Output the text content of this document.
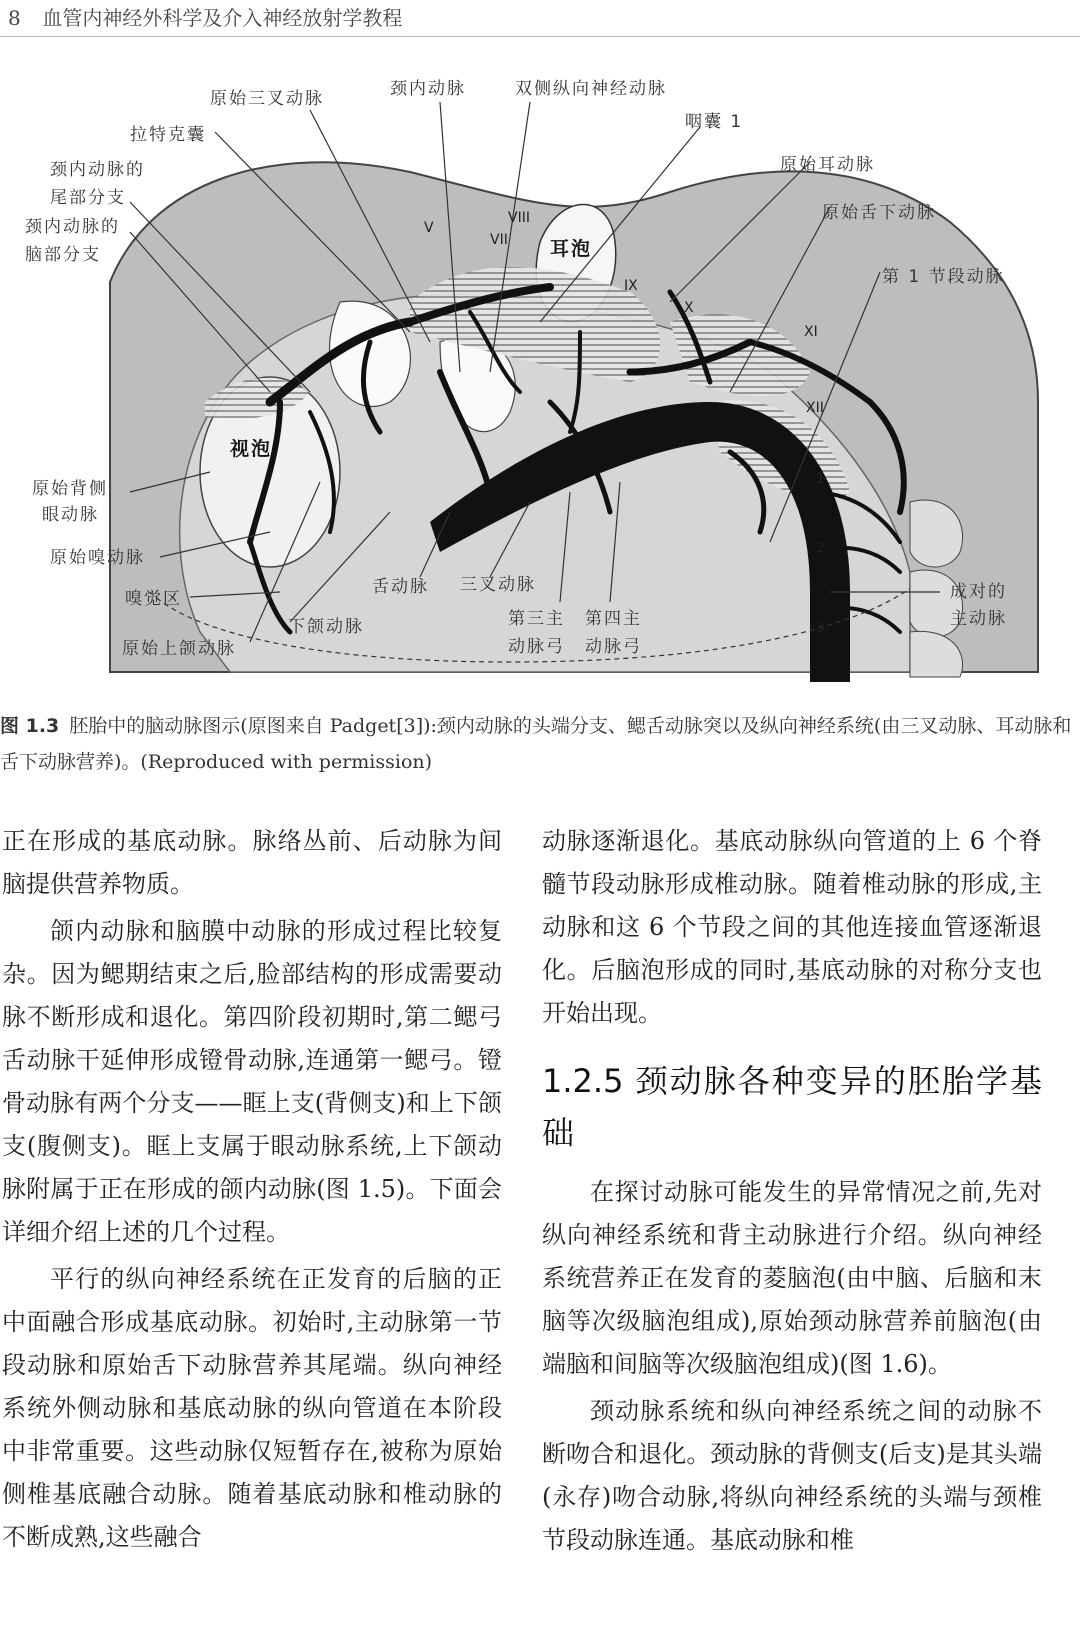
8 血管内神经外科学及介入神经放射学教程
原始三叉动脉	颈内动脉	双侧纵向神经动脉
咽囊 1
拉特克囊
颈内动脉的
尾部分支
颈内动脉的
脑部分支
原始耳动脉
原始舌下动脉
第 1 节段动脉
耳泡
视泡
原始背侧
眼动脉
原始嗅动脉
嗅觉区
原始上颌动脉
下颌动脉
舌动脉 三叉动脉
第三主
动脉弓
第四主
动脉弓
成对的
主动脉
V
VII
VIII
IX
X
XI
XII
1
2
3
图 1.3 胚胎中的脑动脉图示(原图来自 Padget[3]):颈内动脉的头端分支、鳃舌动脉突以及纵向神经系统(由三叉动脉、耳动脉和舌下动脉营养)。(Reproduced with permission)

正在形成的基底动脉。脉络丛前、后动脉为间脑提供营养物质。

颌内动脉和脑膜中动脉的形成过程比较复杂。因为鳃期结束之后,脸部结构的形成需要动脉不断形成和退化。第四阶段初期时,第二鳃弓舌动脉干延伸形成镫骨动脉,连通第一鳃弓。镫骨动脉有两个分支——眶上支(背侧支)和上下颌支(腹侧支)。眶上支属于眼动脉系统,上下颌动脉附属于正在形成的颌内动脉(图 1.5)。下面会详细介绍上述的几个过程。

平行的纵向神经系统在正发育的后脑的正中面融合形成基底动脉。初始时,主动脉第一节段动脉和原始舌下动脉营养其尾端。纵向神经系统外侧动脉和基底动脉的纵向管道在本阶段中非常重要。这些动脉仅短暂存在,被称为原始侧椎基底融合动脉。随着基底动脉和椎动脉的不断成熟,这些融合

动脉逐渐退化。基底动脉纵向管道的上 6 个脊髓节段动脉形成椎动脉。随着椎动脉的形成,主动脉和这 6 个节段之间的其他连接血管逐渐退化。后脑泡形成的同时,基底动脉的对称分支也开始出现。

1.2.5 颈动脉各种变异的胚胎学基础

在探讨动脉可能发生的异常情况之前,先对纵向神经系统和背主动脉进行介绍。纵向神经系统营养正在发育的菱脑泡(由中脑、后脑和末脑等次级脑泡组成),原始颈动脉营养前脑泡(由端脑和间脑等次级脑泡组成)(图 1.6)。

颈动脉系统和纵向神经系统之间的动脉不断吻合和退化。颈动脉的背侧支(后支)是其头端(永存)吻合动脉,将纵向神经系统的头端与颈椎节段动脉连通。基底动脉和椎
